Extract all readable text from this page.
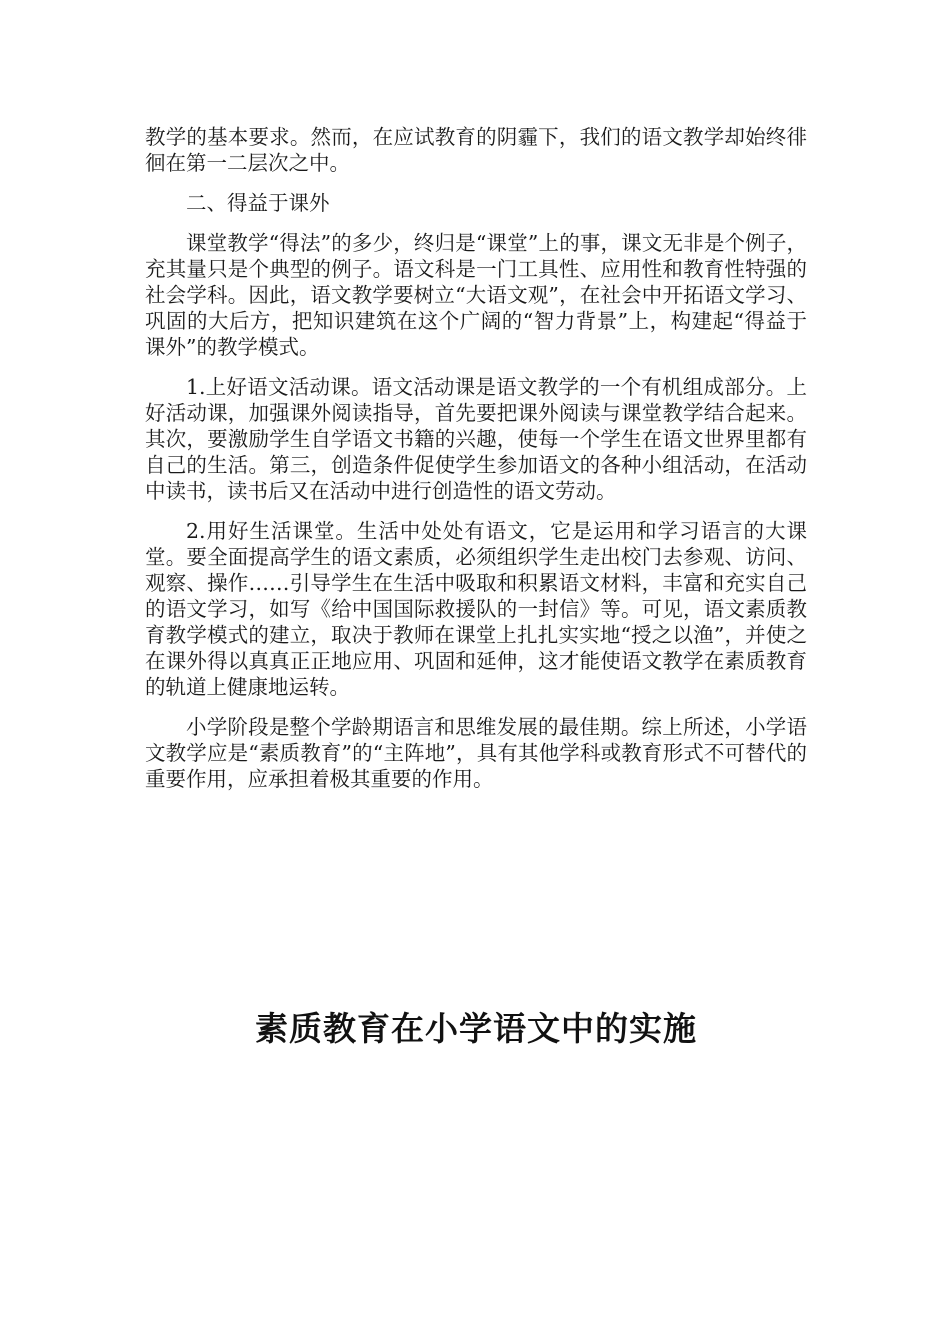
教学的基本要求。然而，在应试教育的阴霾下，我们的语文教学却始终徘徊在第一二层次之中。

二、得益于课外

课堂教学“得法”的多少，终归是“课堂”上的事，课文无非是个例子，充其量只是个典型的例子。语文科是一门工具性、应用性和教育性特强的社会学科。因此，语文教学要树立“大语文观”，在社会中开拓语文学习、巩固的大后方，把知识建筑在这个广阔的“智力背景”上，构建起“得益于课外”的教学模式。

1.上好语文活动课。语文活动课是语文教学的一个有机组成部分。上好活动课，加强课外阅读指导，首先要把课外阅读与课堂教学结合起来。其次，要激励学生自学语文书籍的兴趣，使每一个学生在语文世界里都有自己的生活。第三，创造条件促使学生参加语文的各种小组活动，在活动中读书，读书后又在活动中进行创造性的语文劳动。

2.用好生活课堂。生活中处处有语文，它是运用和学习语言的大课堂。要全面提高学生的语文素质，必须组织学生走出校门去参观、访问、观察、操作……引导学生在生活中吸取和积累语文材料，丰富和充实自己的语文学习，如写《给中国国际救援队的一封信》等。可见，语文素质教育教学模式的建立，取决于教师在课堂上扎扎实实地“授之以渔”，并使之在课外得以真真正正地应用、巩固和延伸，这才能使语文教学在素质教育的轨道上健康地运转。

小学阶段是整个学龄期语言和思维发展的最佳期。综上所述，小学语文教学应是“素质教育”的“主阵地”，具有其他学科或教育形式不可替代的重要作用，应承担着极其重要的作用。

素质教育在小学语文中的实施
